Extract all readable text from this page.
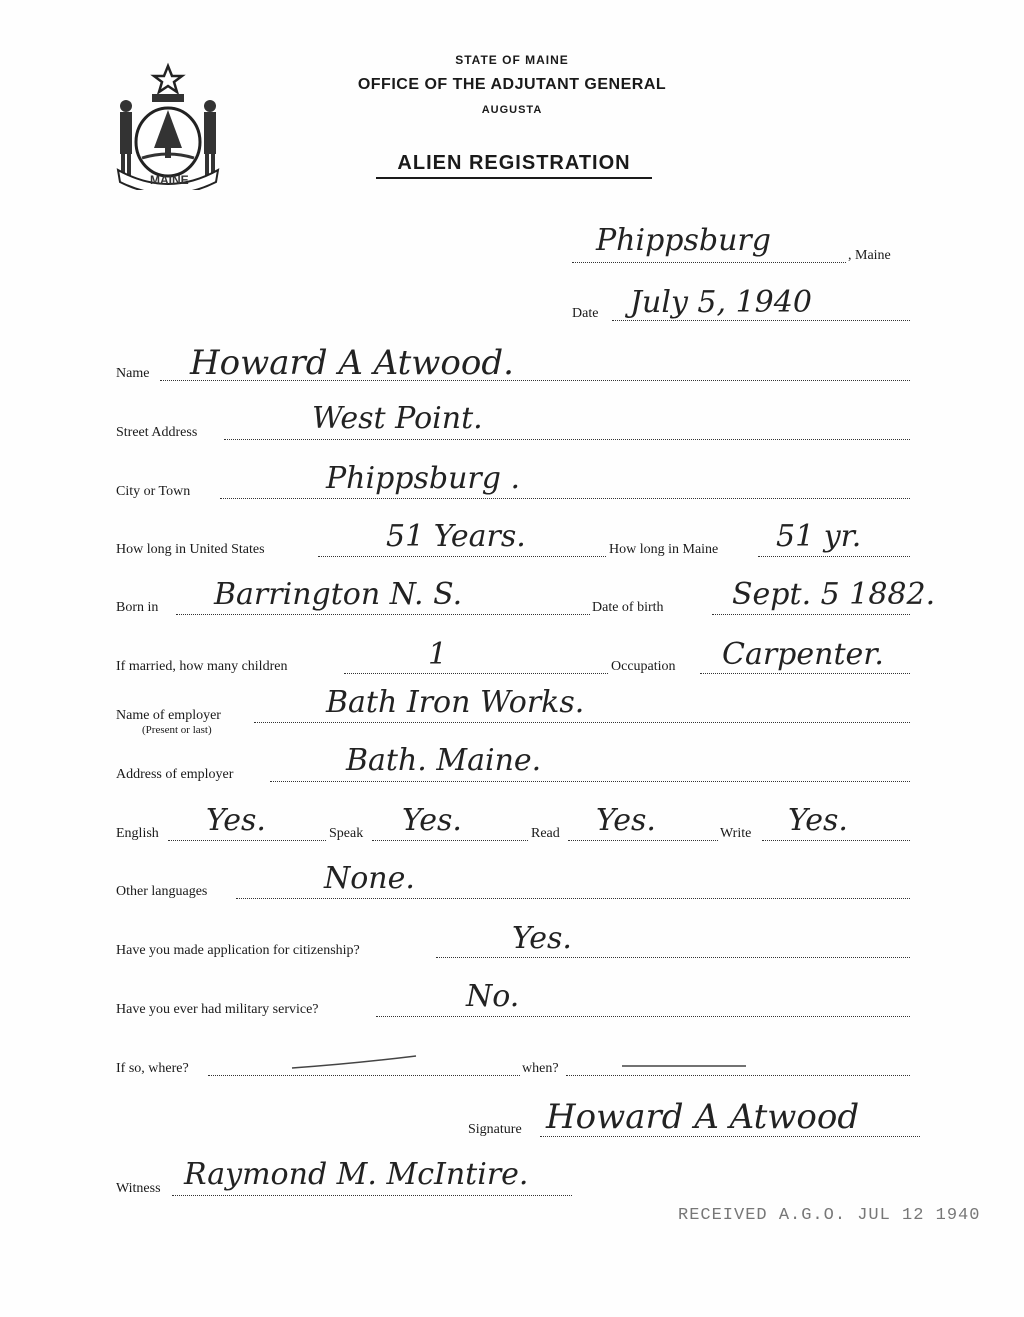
MAINE
STATE OF MAINE
OFFICE OF THE ADJUTANT GENERAL
AUGUSTA
ALIEN REGISTRATION
Phippsburg	, Maine
Date July 5, 1940
Name Howard A Atwood.
Street Address	West Point.
City or Town	Phippsburg .
How long in United States	51 Years.	How long in Maine 51 yr.
Born in Barrington N. S.	Date of birth Sept. 5 1882.
If married, how many children	1	Occupation Carpenter.
Name of employer
(Present or last)
Bath Iron Works.
Address of employer	Bath. Maine.
English Yes.	Speak Yes.	Read Yes.	Write Yes.
Other languages	None.
Have you made application for citizenship?	Yes.
Have you ever had military service?	No.
If so, where?	when?
Signature Howard A Atwood
Witness Raymond M. McIntire.
RECEIVED A.G.O. JUL 12 1940
